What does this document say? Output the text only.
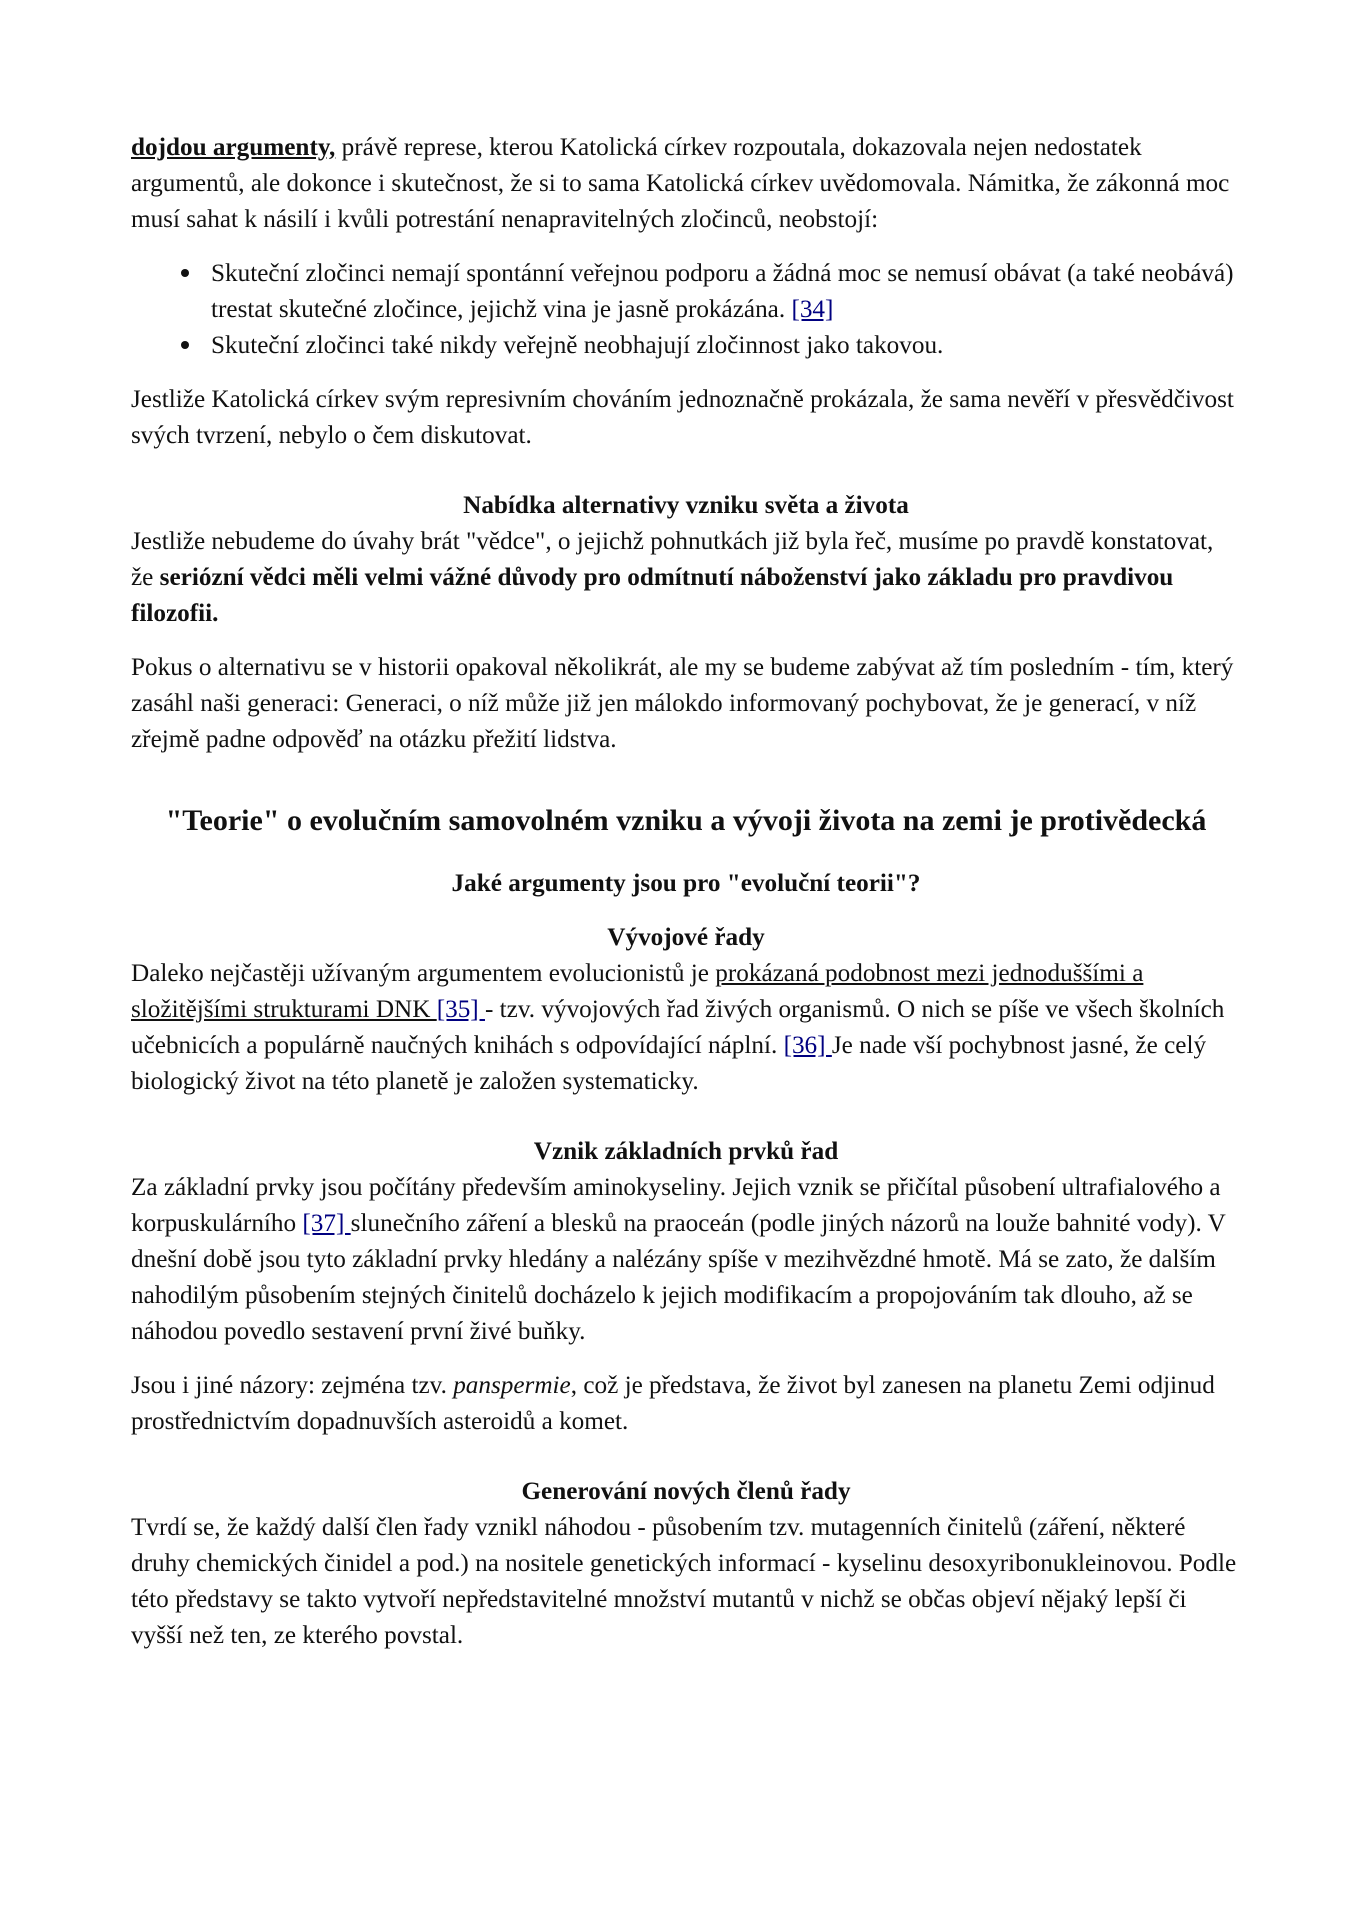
dojdou argumenty, právě represe, kterou Katolická církev rozpoutala, dokazovala nejen nedostatek argumentů, ale dokonce i skutečnost, že si to sama Katolická církev uvědomovala. Námitka, že zákonná moc musí sahat k násilí i kvůli potrestání nenapravitelných zločinců, neobstojí:

Skuteční zločinci nemají spontánní veřejnou podporu a žádná moc se nemusí obávat (a také neobává) trestat skutečné zločince, jejichž vina je jasně prokázána. [34]
Skuteční zločinci také nikdy veřejně neobhajují zločinnost jako takovou.

Jestliže Katolická církev svým represivním chováním jednoznačně prokázala, že sama nevěří v přesvědčivost svých tvrzení, nebylo o čem diskutovat.

Nabídka alternativy vzniku světa a života

Jestliže nebudeme do úvahy brát "vědce", o jejichž pohnutkách již byla řeč, musíme po pravdě konstatovat, že seriózní vědci měli velmi vážné důvody pro odmítnutí náboženství jako základu pro pravdivou filozofii.

Pokus o alternativu se v historii opakoval několikrát, ale my se budeme zabývat až tím posledním - tím, který zasáhl naši generaci: Generaci, o níž může již jen málokdo informovaný pochybovat, že je generací, v níž zřejmě padne odpověď na otázku přežití lidstva.

"Teorie" o evolučním samovolném vzniku a vývoji života na zemi je protivědecká
Jaké argumenty jsou pro "evoluční teorii"?
Vývojové řady

Daleko nejčastěji užívaným argumentem evolucionistů je prokázaná podobnost mezi jednoduššími a složitějšími strukturami DNK [35] - tzv. vývojových řad živých organismů. O nich se píše ve všech školních učebnicích a populárně naučných knihách s odpovídající náplní. [36] Je nade vší pochybnost jasné, že celý biologický život na této planetě je založen systematicky.

Vznik základních prvků řad

Za základní prvky jsou počítány především aminokyseliny. Jejich vznik se přičítal působení ultrafialového a korpuskulárního [37] slunečního záření a blesků na praoceán (podle jiných názorů na louže bahnité vody). V dnešní době jsou tyto základní prvky hledány a nalézány spíše v mezihvězdné hmotě. Má se zato, že dalším nahodilým působením stejných činitelů docházelo k jejich modifikacím a propojováním tak dlouho, až se náhodou povedlo sestavení první živé buňky.

Jsou i jiné názory: zejména tzv. panspermie, což je představa, že život byl zanesen na planetu Zemi odjinud prostřednictvím dopadnuvších asteroidů a komet.

Generování nových členů řady

Tvrdí se, že každý další člen řady vznikl náhodou - působením tzv. mutagenních činitelů (záření, některé druhy chemických činidel a pod.) na nositele genetických informací - kyselinu desoxyribonukleinovou. Podle této představy se takto vytvoří nepředstavitelné množství mutantů v nichž se občas objeví nějaký lepší či vyšší než ten, ze kterého povstal.
